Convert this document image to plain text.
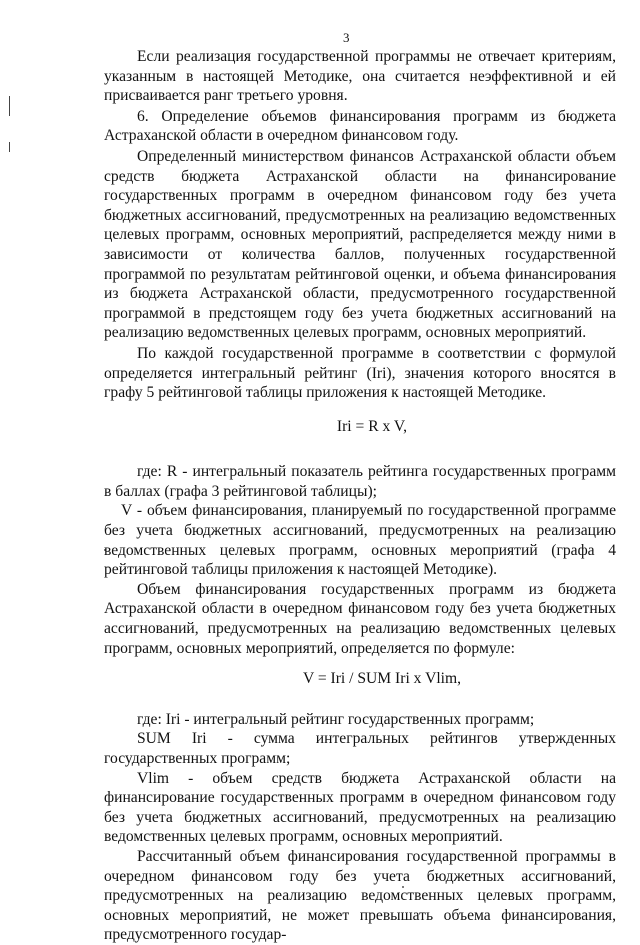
3

Если реализация государственной программы не отвечает критериям, указанным в настоящей Методике, она считается неэффективной и ей присваивается ранг третьего уровня.

6. Определение объемов финансирования программ из бюджета Астраханской области в очередном финансовом году.

Определенный министерством финансов Астраханской области объем средств бюджета Астраханской области на финансирование государственных программ в очередном финансовом году без учета бюджетных ассигнований, предусмотренных на реализацию ведомственных целевых программ, основных мероприятий, распределяется между ними в зависимости от количества баллов, полученных государственной программой по результатам рейтинговой оценки, и объема финансирования из бюджета Астраханской области, предусмотренного государственной программой в предстоящем году без учета бюджетных ассигнований на реализацию ведомственных целевых программ, основных мероприятий.

По каждой государственной программе в соответствии с формулой определяется интегральный рейтинг (Iri), значения которого вносятся в графу 5 рейтинговой таблицы приложения к настоящей Методике.

Iri = R x V,

где: R - интегральный показатель рейтинга государственных программ в баллах (графа 3 рейтинговой таблицы);

V - объем финансирования, планируемый по государственной программе без учета бюджетных ассигнований, предусмотренных на реализацию ведомственных целевых программ, основных мероприятий (графа 4 рейтинговой таблицы приложения к настоящей Методике).

Объем финансирования государственных программ из бюджета Астраханской области в очередном финансовом году без учета бюджетных ассигнований, предусмотренных на реализацию ведомственных целевых программ, основных мероприятий, определяется по формуле:

V = Iri / SUM Iri x Vlim,

где: Iri - интегральный рейтинг государственных программ;

SUM Iri - сумма интегральных рейтингов утвержденных государственных программ;

Vlim - объем средств бюджета Астраханской области на финансирование государственных программ в очередном финансовом году без учета бюджетных ассигнований, предусмотренных на реализацию ведомственных целевых программ, основных мероприятий.

Рассчитанный объем финансирования государственной программы в очередном финансовом году без учета бюджетных ассигнований, предусмотренных на реализацию ведомственных целевых программ, основных мероприятий, не может превышать объема финансирования, предусмотренного государ-
